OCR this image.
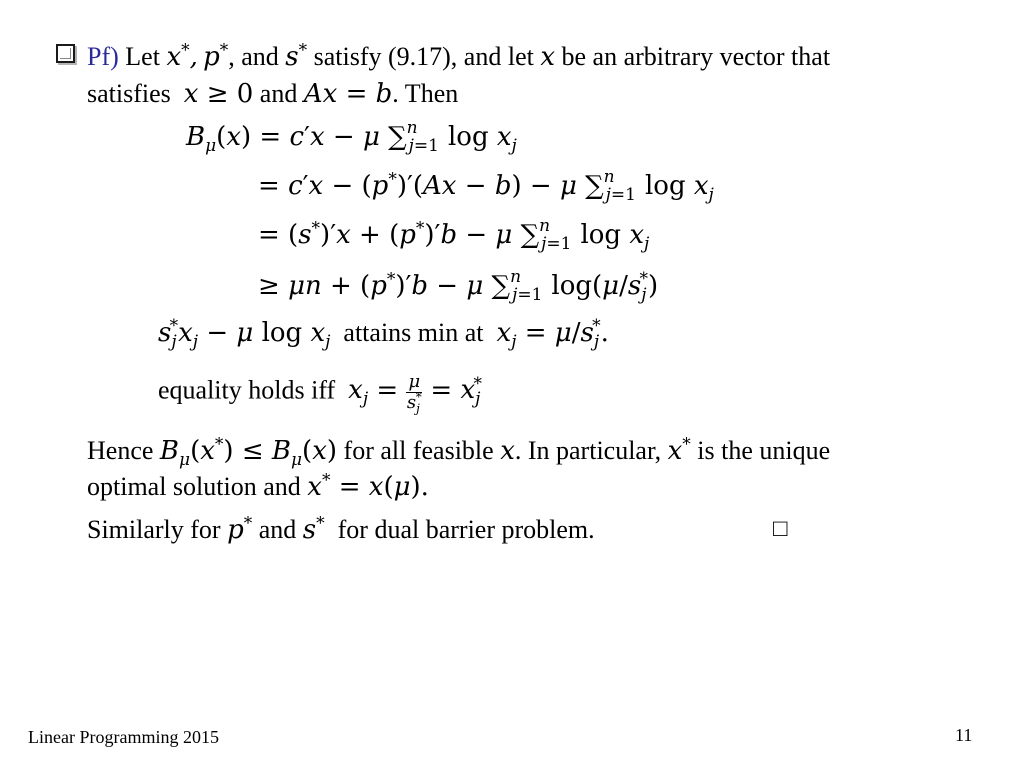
Pf) Let x*, p*, and s* satisfy (9.17), and let x be an arbitrary vector that
satisfies x ≥ 0 and Ax = b. Then
$B_\mu(x) = c'x - \mu$ ∑$^n_{j=1}$ $\log x_j$
= c′x − (p*)′(Ax − b) − μ ∑$^n_{j=1}$ $\log x_j$
= (s*)′x + (p*)′b − μ ∑$^n_{j=1}$ $\log x_j$
≥ μn + (p*)′b − μ ∑$^n_{j=1}$ $\log(\mu/s_j^*)$
$s_j^*x_j - \mu$ $\log x_j$ attains min at $x_j = \mu/s_j^*$.
equality holds iff $x_j = \frac{\mu}{s_j^*} = x_j^*$
Hence $B_\mu(x^*) \le B_\mu(x)$ for all feasible x. In particular, x* is the unique
optimal solution and x* = x(μ).
Similarly for p* and s* for dual barrier problem.	□
Linear Programming 2015	11
